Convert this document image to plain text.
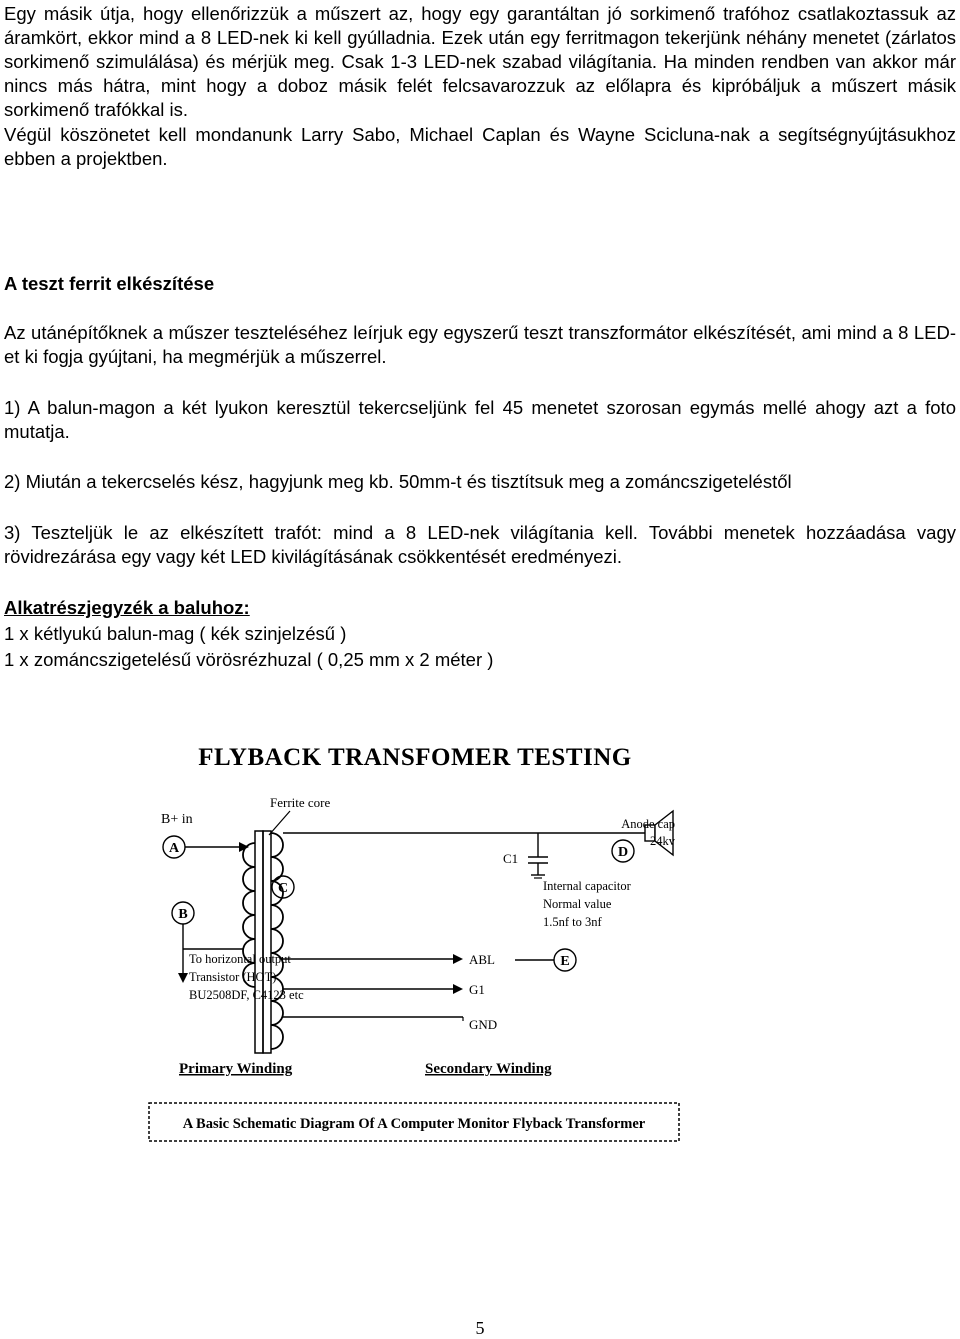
Egy másik útja, hogy ellenőrizzük a műszert az, hogy egy garantáltan jó sorkimenő trafóhoz csatlakoztassuk az áramkört, ekkor mind a 8 LED-nek ki kell gyúlladnia. Ezek után egy ferritmagon tekerjünk néhány menetet (zárlatos sorkimenő szimulálása) és mérjük meg. Csak 1-3 LED-nek szabad világítania. Ha minden rendben van akkor már nincs más hátra, mint hogy a doboz másik felét felcsavarozzuk az előlapra és kipróbáljuk a műszert másik sorkimenő trafókkal is.
Végül köszönetet kell mondanunk Larry Sabo, Michael Caplan és Wayne Scicluna-nak a segítségnyújtásukhoz ebben a projektben.
A teszt ferrit elkészítése
Az utánépítőknek a műszer teszteléséhez leírjuk egy egyszerű teszt transzformátor elkészítését, ami mind a 8 LED-et ki fogja gyújtani, ha megmérjük a műszerrel.
1) A balun-magon a két lyukon keresztül tekercseljünk fel 45 menetet szorosan egymás mellé ahogy azt a foto mutatja.
2) Miután a tekercselés kész, hagyjunk meg kb. 50mm-t és tisztítsuk meg a zománcszigeteléstől
3) Teszteljük le az elkészített trafót: mind a 8 LED-nek világítania kell. További menetek hozzáadása vagy rövidrezárása egy vagy két LED kivilágításának csökkentését eredményezi.
Alkatrészjegyzék a baluhoz:
1 x kétlyukú balun-mag ( kék szinjelzésű )
1 x zománcszigetelésű vörösrézhuzal ( 0,25 mm x 2 méter )
FLYBACK TRANSFOMER TESTING
Ferrite core
B+ in
A
B
C
To horizontal output
Transistor (HOT)
BU2508DF, C4123 etc
Anode cap
24kv
C1	D
Internal capacitor
Normal value
1.5nf to 3nf
ABL
G1
GND
E
Primary Winding	Secondary Winding
A Basic Schematic Diagram Of A Computer Monitor Flyback Transformer
5
